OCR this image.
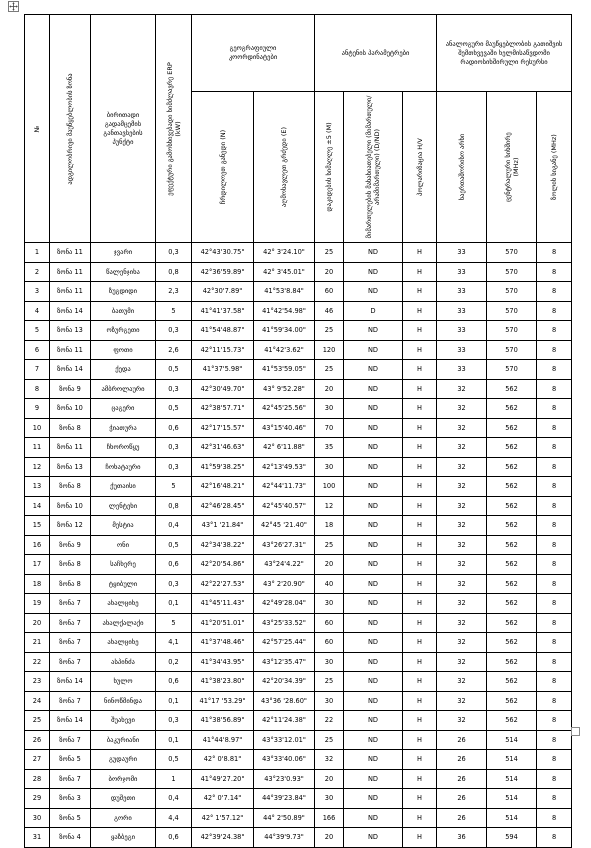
№	ადგილობრივი მაუწყებლობის ზონა	ბირითადი გადამცემის განთავსების პუნქტი	ეფექტური გამოსხივებადი სიმძლავრე ERP (kW)	გეოგრაფიული კოორდინატები		ანტენის პარამეტრები			ანალოგური მაუწყებლობის გათიშვის შემთხვევაში ხელმისაწვდომი რადიოსიხშირული რესურსი		

				ჩრდილოეთ განედი (N)	აღმოსავლეთ გრძედი (E)	დაკიდების სიმაღლე ±5 (M)	მიმართულების მახასიათებელი (მიმართული/არამიმართული) (D/ND)	პოლარიზაცია H/V	საერთაშორისო არხი	ცენტრალური სიხშირე (MHz)	ზოლის სიგანე (MHz)

1	ზონა 11	ჯვარი	0,3	42°43'30.75"	42° 3'24.10"	25	ND	H	33	570	8
2	ზონა 11	წალენჯიხა	0,8	42°36'59.89"	42° 3'45.01"	20	ND	H	33	570	8
3	ზონა 11	ზუგდიდი	2,3	42°30'7.89"	41°53'8.84"	60	ND	H	33	570	8
4	ზონა 14	ბათუმი	5	41°41'37.58"	41°42'54.98"	46	D	H	33	570	8
5	ზონა 13	ოზურგეთი	0,3	41°54'48.87"	41°59'34.00"	25	ND	H	33	570	8
6	ზონა 11	ფოთი	2,6	42°11'15.73"	41°42'3.62"	120	ND	H	33	570	8
7	ზონა 14	ქედა	0,5	41°37'5.98"	41°53'59.05"	25	ND	H	33	570	8
8	ზონა 9	ამბროლაური	0,3	42°30'49.70"	43° 9'52.28"	20	ND	H	32	562	8
9	ზონა 10	ცაგერი	0,5	42°38'57.71"	42°45'25.56"	30	ND	H	32	562	8
10	ზონა 8	ჭიათურა	0,6	42°17'15.57"	43°15'40.46"	70	ND	H	32	562	8
11	ზონა 11	ჩხოროწყუ	0,3	42°31'46.63"	42° 6'11.88"	35	ND	H	32	562	8
12	ზონა 13	ჩოხატაური	0,3	41°59'38.25"	42°13'49.53"	30	ND	H	32	562	8
13	ზონა 8	ქუთაისი	5	42°16'48.21"	42°44'11.73"	100	ND	H	32	562	8
14	ზონა 10	ლენტეხი	0,8	42°46'28.45"	42°45'40.57"	12	ND	H	32	562	8
15	ზონა 12	მესტია	0,4	43°1 '21.84"	42°45 '21.40"	18	ND	H	32	562	8
16	ზონა 9	ონი	0,5	42°34'38.22"	43°26'27.31"	25	ND	H	32	562	8
17	ზონა 8	საჩხერე	0,6	42°20'54.86"	43°24'4.22"	20	ND	H	32	562	8
18	ზონა 8	ტყიბული	0,3	42°22'27.53"	43° 2'20.90"	40	ND	H	32	562	8
19	ზონა 7	ახალციხე	0,1	41°45'11.43"	42°49'28.04"	30	ND	H	32	562	8
20	ზონა 7	ახალქალაქი	5	41°20'51.01"	43°25'33.52"	60	ND	H	32	562	8
21	ზონა 7	ახალციხე	4,1	41°37'48.46"	42°57'25.44"	60	ND	H	32	562	8
22	ზონა 7	ასპინძა	0,2	41°34'43.95"	43°12'35.47"	30	ND	H	32	562	8
23	ზონა 14	ხულო	0,6	41°38'23.80"	42°20'34.39"	25	ND	H	32	562	8
24	ზონა 7	ნინოწმინდა	0,1	41°17 '53.29"	43°36 '28.60"	30	ND	H	32	562	8
25	ზონა 14	შუახევი	0,3	41°38'56.89"	42°11'24.38"	22	ND	H	32	562	8
26	ზონა 7	ბაკურიანი	0,1	41°44'8.97"	43°33'12.01"	25	ND	H	26	514	8
27	ზონა 5	გუდაური	0,5	42° 0'8.81"	43°33'40.06"	32	ND	H	26	514	8
28	ზონა 7	ბორჯომი	1	41°49'27.20"	43°23'0.93"	20	ND	H	26	514	8
29	ზონა 3	დუშეთი	0,4	42° 0'7.14"	44°39'23.84"	30	ND	H	26	514	8
30	ზონა 5	გორი	4,4	42° 1'57.12"	44° 2'50.89"	166	ND	H	26	514	8
31	ზონა 4	ყაზბეგი	0,6	42°39'24.38"	44°39'9.73"	20	ND	H	36	594	8
